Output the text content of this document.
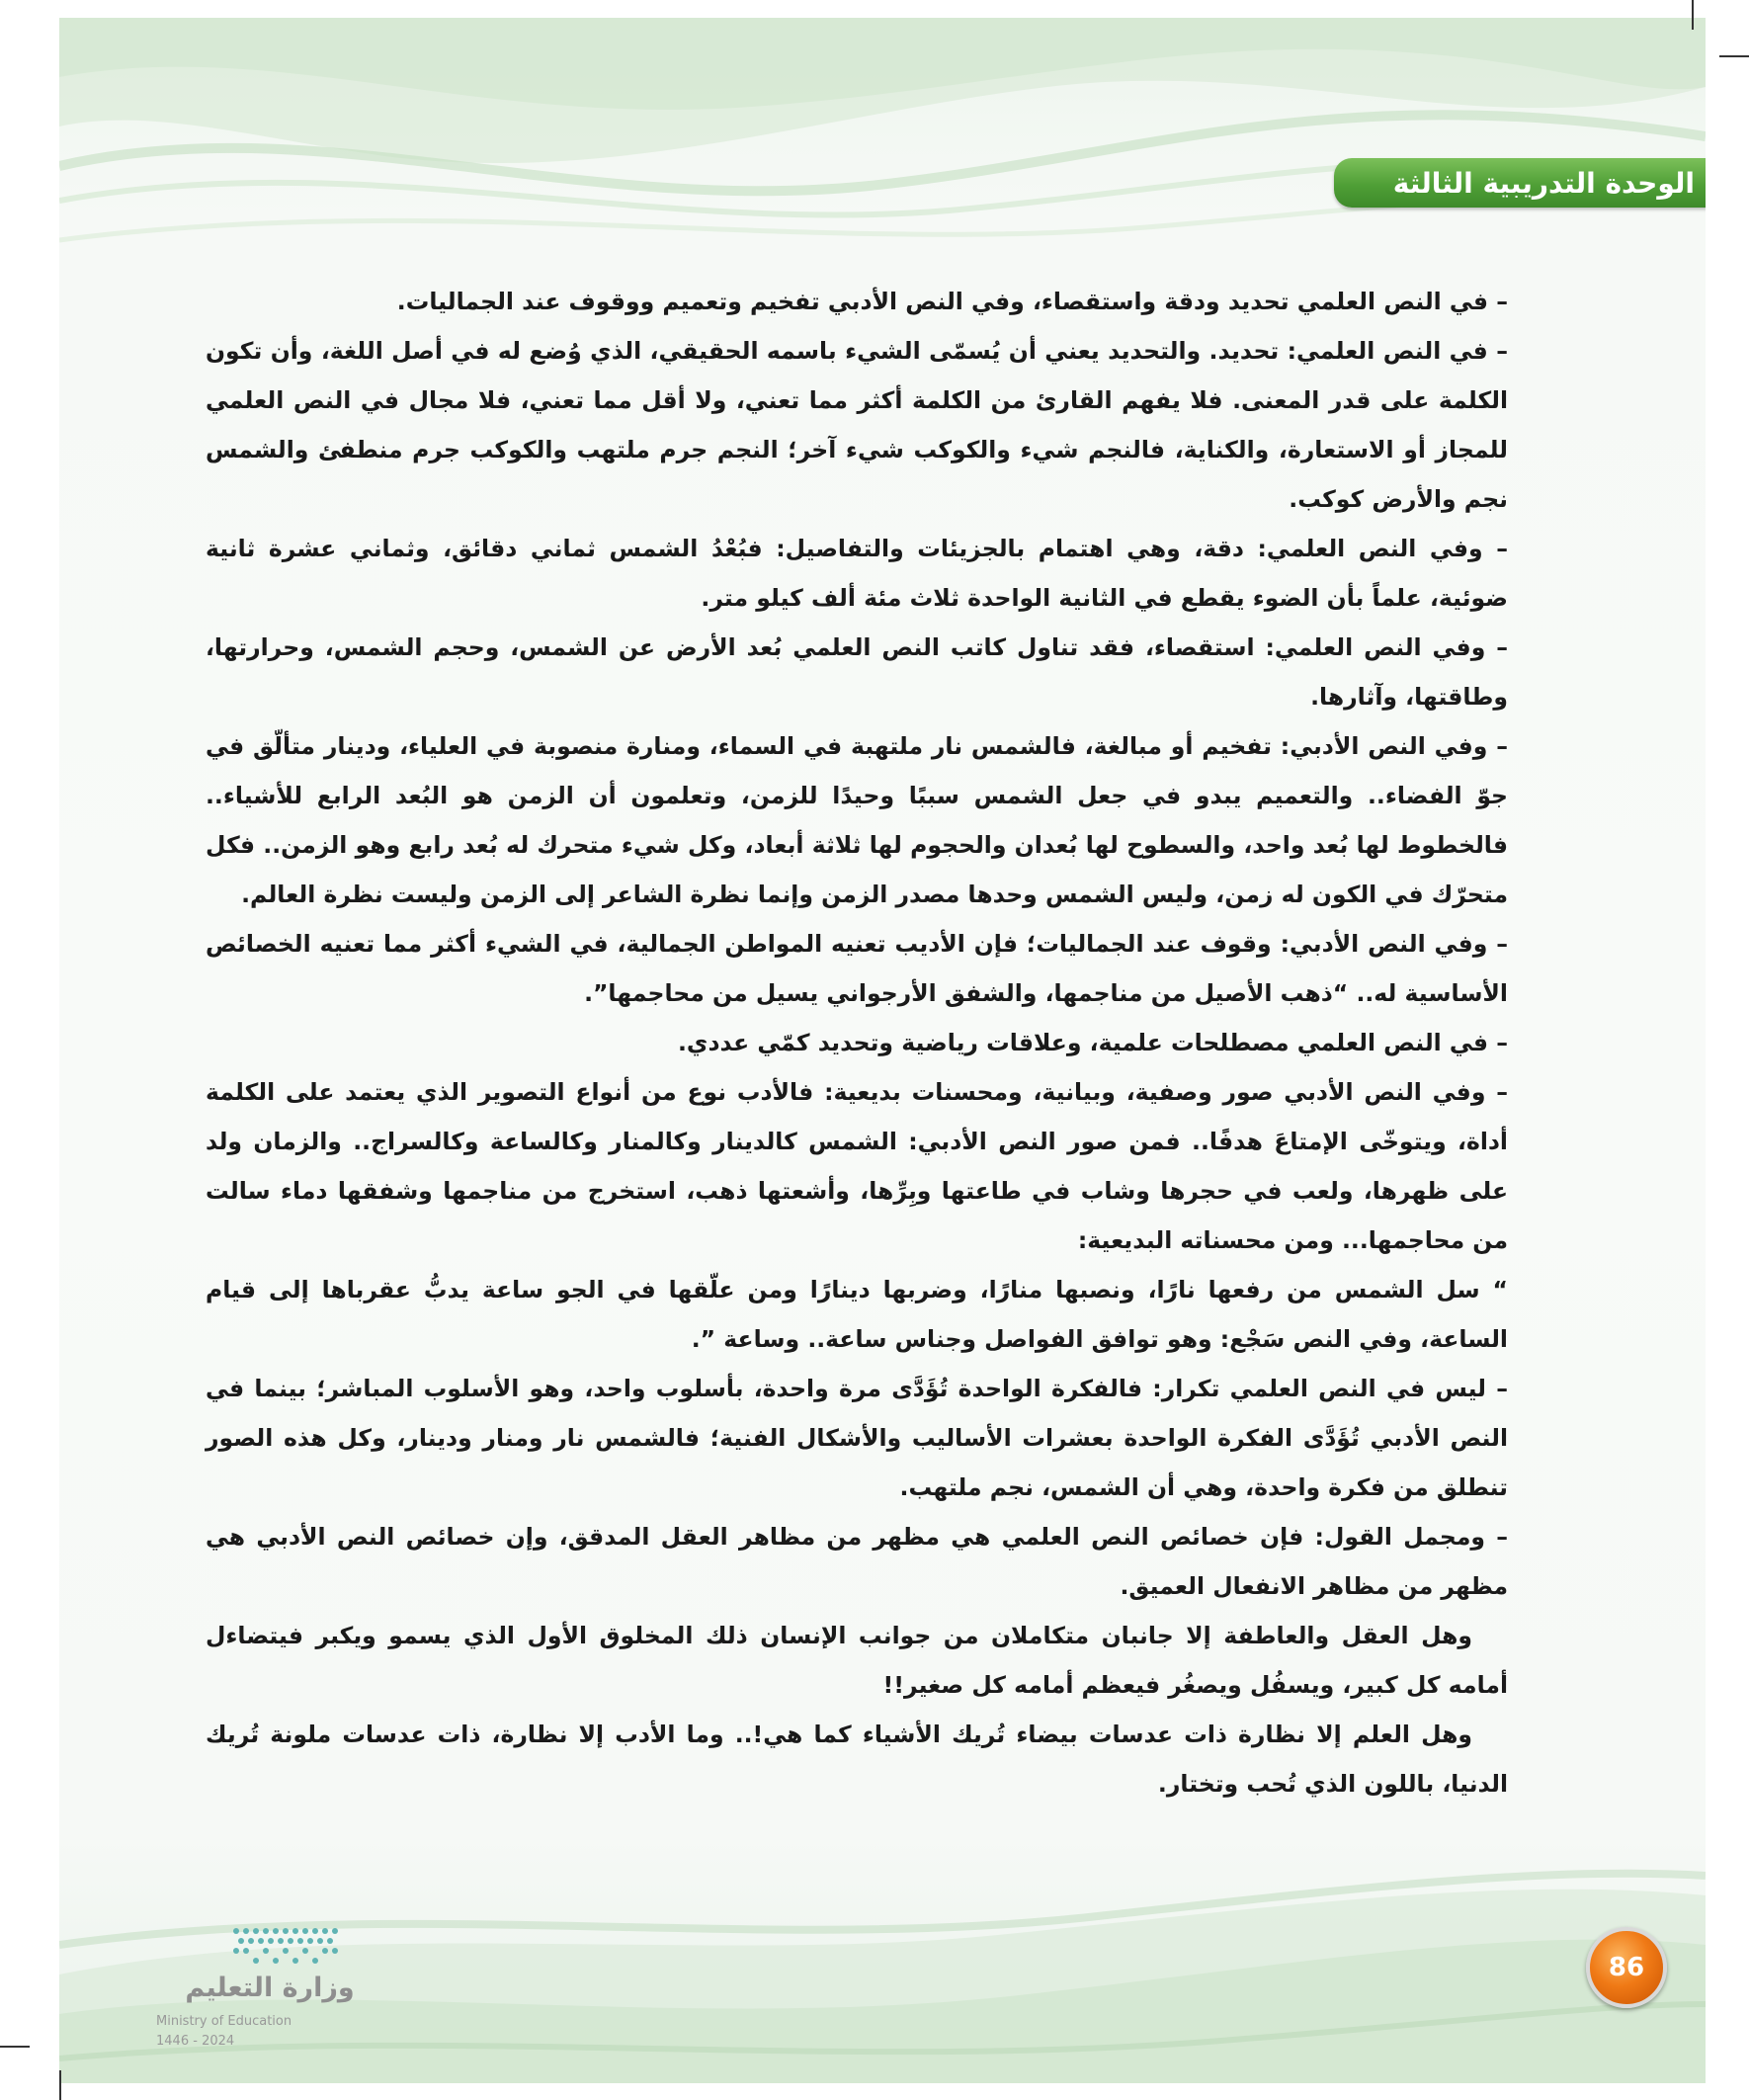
الوحدة التدريبية الثالثة

– في النص العلمي تحديد ودقة واستقصاء، وفي النص الأدبي تفخيم وتعميم ووقوف عند الجماليات.

– في النص العلمي: تحديد. والتحديد يعني أن يُسمّى الشيء باسمه الحقيقي، الذي وُضع له في أصل اللغة، وأن تكون الكلمة على قدر المعنى. فلا يفهم القارئ من الكلمة أكثر مما تعني، ولا أقل مما تعني، فلا مجال في النص العلمي للمجاز أو الاستعارة، والكناية، فالنجم شيء والكوكب شيء آخر؛ النجم جرم ملتهب والكوكب جرم منطفئ والشمس نجم والأرض كوكب.

– وفي النص العلمي: دقة، وهي اهتمام بالجزيئات والتفاصيل: فبُعْدُ الشمس ثماني دقائق، وثماني عشرة ثانية ضوئية، علماً بأن الضوء يقطع في الثانية الواحدة ثلاث مئة ألف كيلو متر.

– وفي النص العلمي: استقصاء، فقد تناول كاتب النص العلمي بُعد الأرض عن الشمس، وحجم الشمس، وحرارتها، وطاقتها، وآثارها.

– وفي النص الأدبي: تفخيم أو مبالغة، فالشمس نار ملتهبة في السماء، ومنارة منصوبة في العلياء، ودينار متألّق في جوّ الفضاء.. والتعميم يبدو في جعل الشمس سببًا وحيدًا للزمن، وتعلمون أن الزمن هو البُعد الرابع للأشياء.. فالخطوط لها بُعد واحد، والسطوح لها بُعدان والحجوم لها ثلاثة أبعاد، وكل شيء متحرك له بُعد رابع وهو الزمن.. فكل متحرّك في الكون له زمن، وليس الشمس وحدها مصدر الزمن وإنما نظرة الشاعر إلى الزمن وليست نظرة العالم.

– وفي النص الأدبي: وقوف عند الجماليات؛ فإن الأديب تعنيه المواطن الجمالية، في الشيء أكثر مما تعنيه الخصائص الأساسية له.. “ذهب الأصيل من مناجمها، والشفق الأرجواني يسيل من محاجمها”.

– في النص العلمي مصطلحات علمية، وعلاقات رياضية وتحديد كمّي عددي.

– وفي النص الأدبي صور وصفية، وبيانية، ومحسنات بديعية: فالأدب نوع من أنواع التصوير الذي يعتمد على الكلمة أداة، ويتوخّى الإمتاعَ هدفًا.. فمن صور النص الأدبي: الشمس كالدينار وكالمنار وكالساعة وكالسراج.. والزمان ولد على ظهرها، ولعب في حجرها وشاب في طاعتها وبِرِّها، وأشعتها ذهب، استخرج من مناجمها وشفقها دماء سالت من محاجمها... ومن محسناته البديعية:

“ سل الشمس من رفعها نارًا، ونصبها منارًا، وضربها دينارًا ومن علّقها في الجو ساعة يدبُّ عقرباها إلى قيام الساعة، وفي النص سَجْع: وهو توافق الفواصل وجناس ساعة.. وساعة ”.

– ليس في النص العلمي تكرار: فالفكرة الواحدة تُؤَدَّى مرة واحدة، بأسلوب واحد، وهو الأسلوب المباشر؛ بينما في النص الأدبي تُؤَدَّى الفكرة الواحدة بعشرات الأساليب والأشكال الفنية؛ فالشمس نار ومنار ودينار، وكل هذه الصور تنطلق من فكرة واحدة، وهي أن الشمس، نجم ملتهب.

– ومجمل القول: فإن خصائص النص العلمي هي مظهر من مظاهر العقل المدقق، وإن خصائص النص الأدبي هي مظهر من مظاهر الانفعال العميق.

وهل العقل والعاطفة إلا جانبان متكاملان من جوانب الإنسان ذلك المخلوق الأول الذي يسمو ويكبر فيتضاءل أمامه كل كبير، ويسفُل ويصغُر فيعظم أمامه كل صغير!!

وهل العلم إلا نظارة ذات عدسات بيضاء تُريك الأشياء كما هي!.. وما الأدب إلا نظارة، ذات عدسات ملونة تُريك الدنيا، باللون الذي تُحب وتختار.

86
وزارة التعليم
Ministry of Education
2024 - 1446
